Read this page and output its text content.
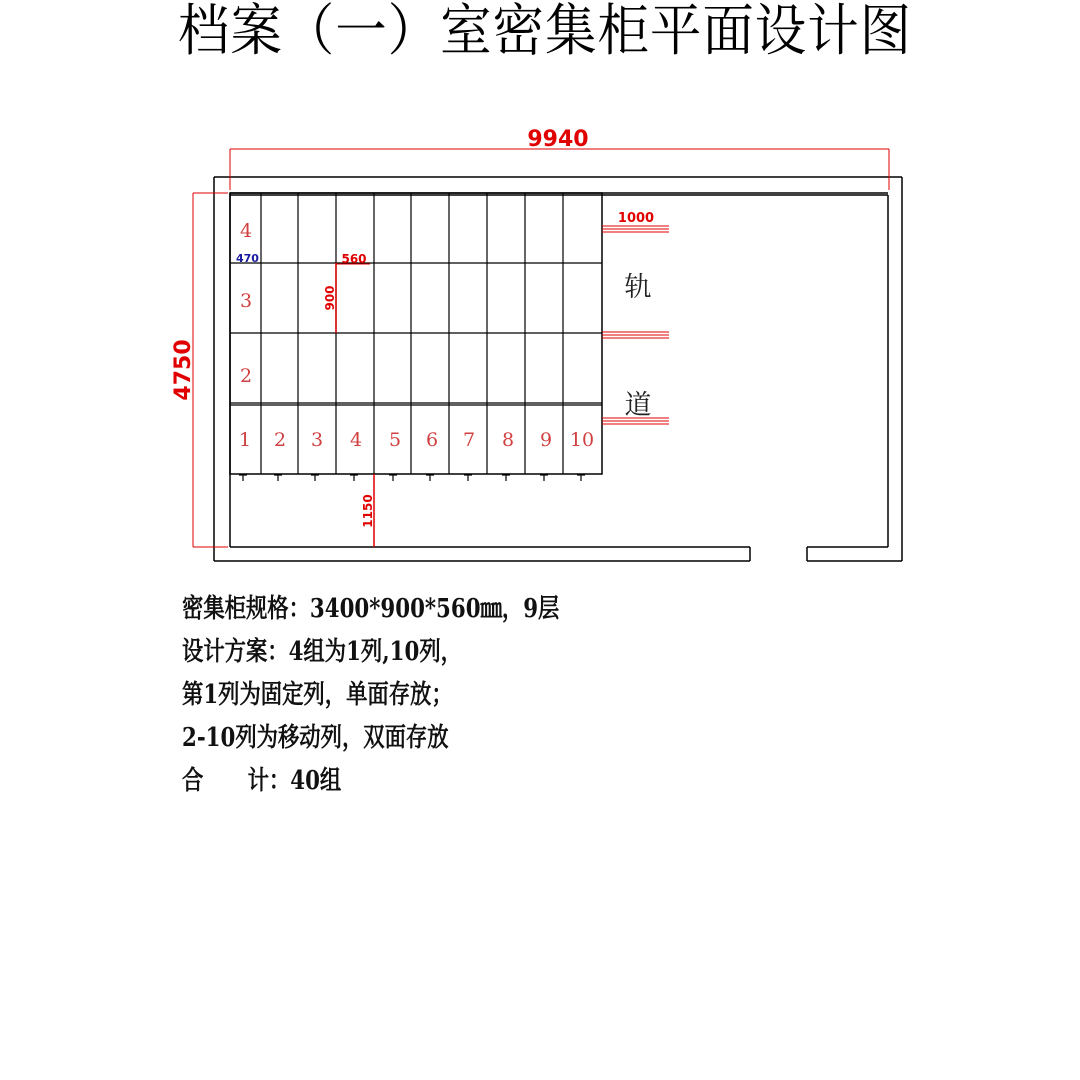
档案（一）室密集柜平面设计图
9940
4750
4
3
2
1 2 3 4 5 6 7 8 9 10
560
900
470
1150
1000
轨
道
密集柜规格：3400*900*560㎜，9层
设计方案：4组为1列,10列，
第1列为固定列，单面存放；
2-10列为移动列，双面存放
合 计：40组
